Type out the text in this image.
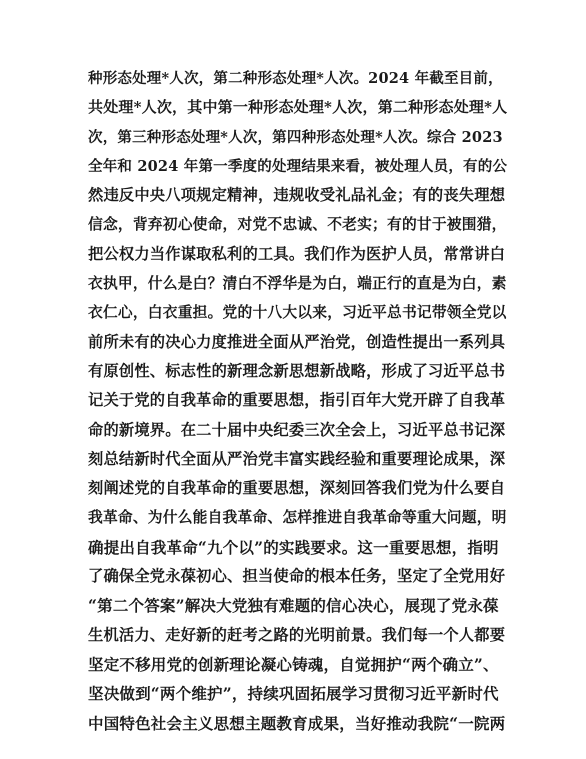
种形态处理*人次，第二种形态处理*人次。2024 年截至目前，
共处理*人次，其中第一种形态处理*人次，第二种形态处理*人
次，第三种形态处理*人次，第四种形态处理*人次。综合 2023
全年和 2024 年第一季度的处理结果来看，被处理人员，有的公
然违反中央八项规定精神，违规收受礼品礼金；有的丧失理想
信念，背弃初心使命，对党不忠诚、不老实；有的甘于被围猎，
把公权力当作谋取私利的工具。我们作为医护人员，常常讲白
衣执甲，什么是白？清白不浮华是为白，端正行的直是为白，素
衣仁心，白衣重担。党的十八大以来，习近平总书记带领全党以
前所未有的决心力度推进全面从严治党，创造性提出一系列具
有原创性、标志性的新理念新思想新战略，形成了习近平总书
记关于党的自我革命的重要思想，指引百年大党开辟了自我革
命的新境界。在二十届中央纪委三次全会上，习近平总书记深
刻总结新时代全面从严治党丰富实践经验和重要理论成果，深
刻阐述党的自我革命的重要思想，深刻回答我们党为什么要自
我革命、为什么能自我革命、怎样推进自我革命等重大问题，明
确提出自我革命“九个以”的实践要求。这一重要思想，指明
了确保全党永葆初心、担当使命的根本任务，坚定了全党用好
“第二个答案”解决大党独有难题的信心决心，展现了党永葆
生机活力、走好新的赶考之路的光明前景。我们每一个人都要
坚定不移用党的创新理论凝心铸魂，自觉拥护“两个确立”、
坚决做到“两个维护”，持续巩固拓展学习贯彻习近平新时代
中国特色社会主义思想主题教育成果，当好推动我院“一院两
